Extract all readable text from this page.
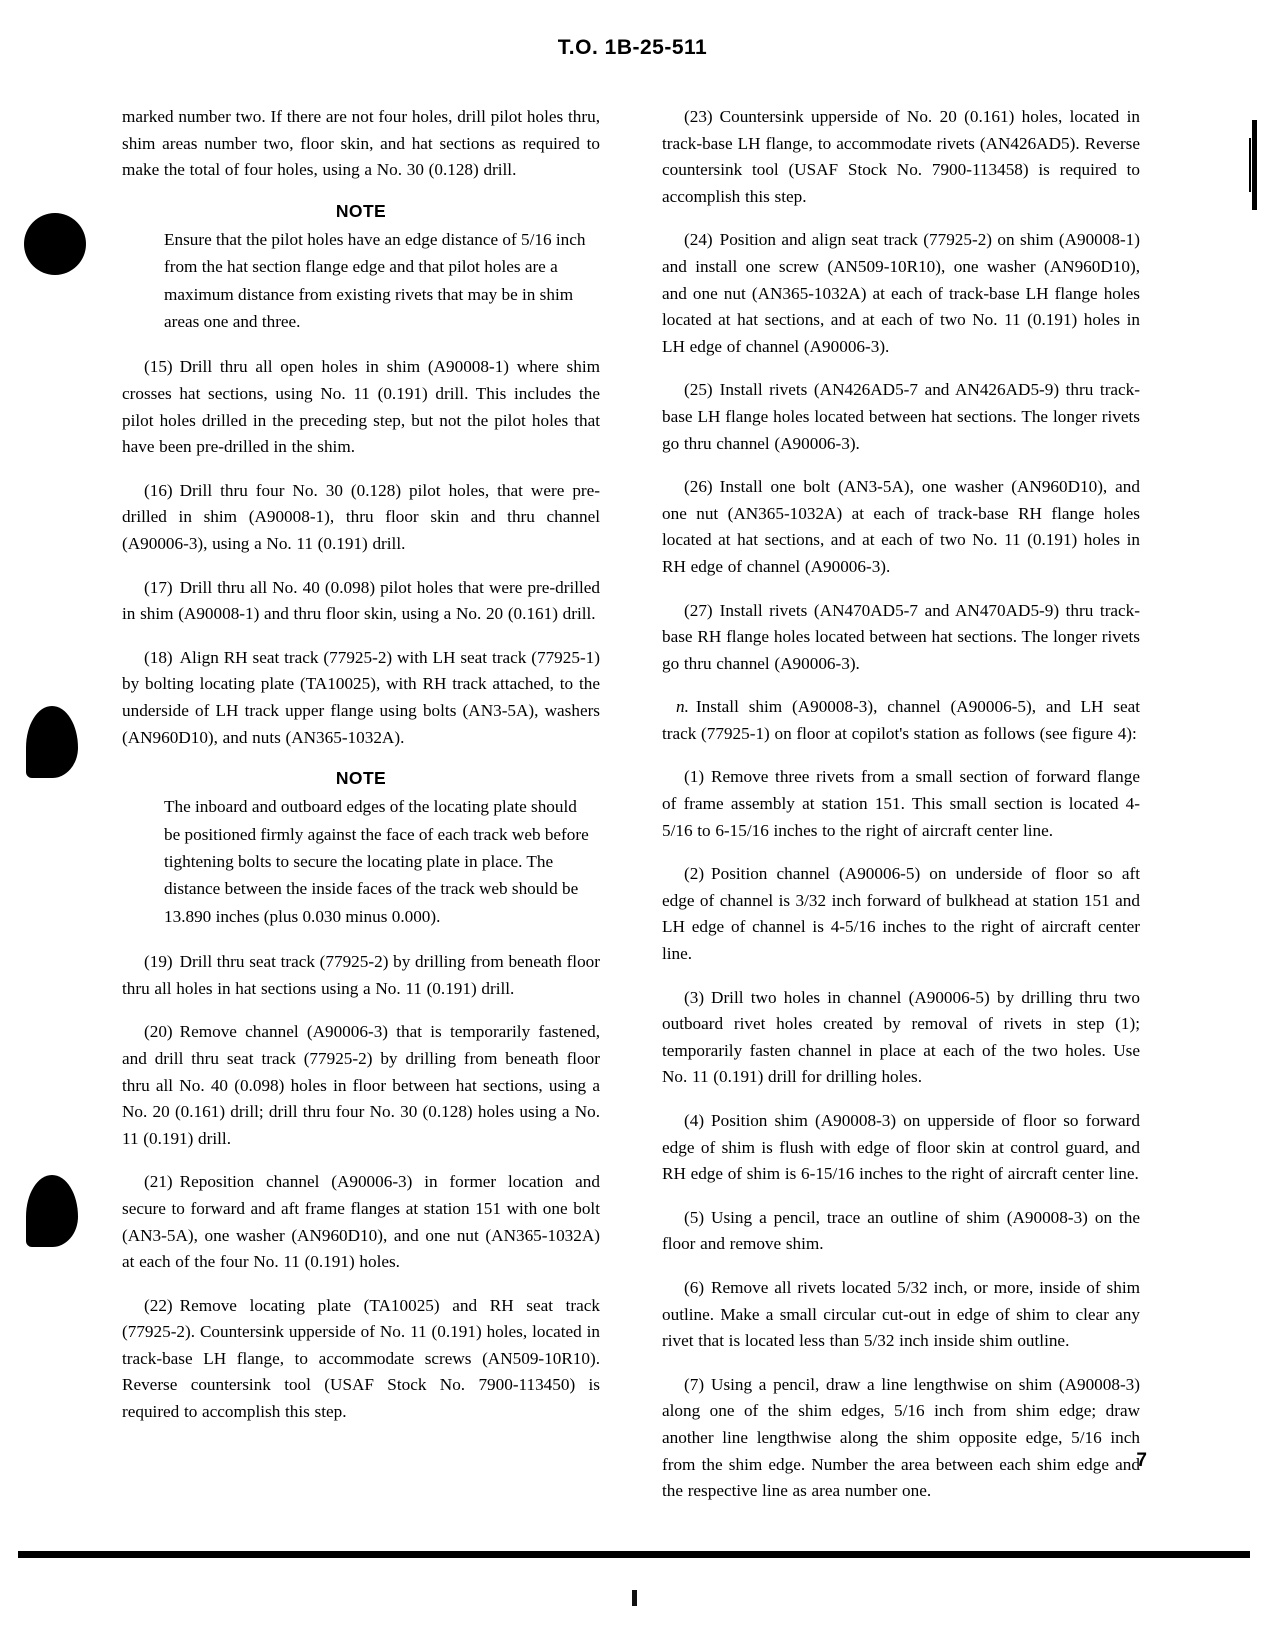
T.O. 1B-25-511

marked number two. If there are not four holes, drill pilot holes thru, shim areas number two, floor skin, and hat sections as required to make the total of four holes, using a No. 30 (0.128) drill.

NOTE
Ensure that the pilot holes have an edge distance of 5/16 inch from the hat section flange edge and that pilot holes are a maximum distance from existing rivets that may be in shim areas one and three.

(15) Drill thru all open holes in shim (A90008-1) where shim crosses hat sections, using No. 11 (0.191) drill. This includes the pilot holes drilled in the preceding step, but not the pilot holes that have been pre-drilled in the shim.

(16) Drill thru four No. 30 (0.128) pilot holes, that were pre-drilled in shim (A90008-1), thru floor skin and thru channel (A90006-3), using a No. 11 (0.191) drill.

(17) Drill thru all No. 40 (0.098) pilot holes that were pre-drilled in shim (A90008-1) and thru floor skin, using a No. 20 (0.161) drill.

(18) Align RH seat track (77925-2) with LH seat track (77925-1) by bolting locating plate (TA10025), with RH track attached, to the underside of LH track upper flange using bolts (AN3-5A), washers (AN960D10), and nuts (AN365-1032A).

NOTE
The inboard and outboard edges of the locating plate should be positioned firmly against the face of each track web before tightening bolts to secure the locating plate in place. The distance between the inside faces of the track web should be 13.890 inches (plus 0.030 minus 0.000).

(19) Drill thru seat track (77925-2) by drilling from beneath floor thru all holes in hat sections using a No. 11 (0.191) drill.

(20) Remove channel (A90006-3) that is temporarily fastened, and drill thru seat track (77925-2) by drilling from beneath floor thru all No. 40 (0.098) holes in floor between hat sections, using a No. 20 (0.161) drill; drill thru four No. 30 (0.128) holes using a No. 11 (0.191) drill.

(21) Reposition channel (A90006-3) in former location and secure to forward and aft frame flanges at station 151 with one bolt (AN3-5A), one washer (AN960D10), and one nut (AN365-1032A) at each of the four No. 11 (0.191) holes.

(22) Remove locating plate (TA10025) and RH seat track (77925-2). Countersink upperside of No. 11 (0.191) holes, located in track-base LH flange, to accommodate screws (AN509-10R10). Reverse countersink tool (USAF Stock No. 7900-113450) is required to accomplish this step.

(23) Countersink upperside of No. 20 (0.161) holes, located in track-base LH flange, to accommodate rivets (AN426AD5). Reverse countersink tool (USAF Stock No. 7900-113458) is required to accomplish this step.

(24) Position and align seat track (77925-2) on shim (A90008-1) and install one screw (AN509-10R10), one washer (AN960D10), and one nut (AN365-1032A) at each of track-base LH flange holes located at hat sections, and at each of two No. 11 (0.191) holes in LH edge of channel (A90006-3).

(25) Install rivets (AN426AD5-7 and AN426AD5-9) thru track-base LH flange holes located between hat sections. The longer rivets go thru channel (A90006-3).

(26) Install one bolt (AN3-5A), one washer (AN960D10), and one nut (AN365-1032A) at each of track-base RH flange holes located at hat sections, and at each of two No. 11 (0.191) holes in RH edge of channel (A90006-3).

(27) Install rivets (AN470AD5-7 and AN470AD5-9) thru track-base RH flange holes located between hat sections. The longer rivets go thru channel (A90006-3).

n. Install shim (A90008-3), channel (A90006-5), and LH seat track (77925-1) on floor at copilot's station as follows (see figure 4):

(1) Remove three rivets from a small section of forward flange of frame assembly at station 151. This small section is located 4-5/16 to 6-15/16 inches to the right of aircraft center line.

(2) Position channel (A90006-5) on underside of floor so aft edge of channel is 3/32 inch forward of bulkhead at station 151 and LH edge of channel is 4-5/16 inches to the right of aircraft center line.

(3) Drill two holes in channel (A90006-5) by drilling thru two outboard rivet holes created by removal of rivets in step (1); temporarily fasten channel in place at each of the two holes. Use No. 11 (0.191) drill for drilling holes.

(4) Position shim (A90008-3) on upperside of floor so forward edge of shim is flush with edge of floor skin at control guard, and RH edge of shim is 6-15/16 inches to the right of aircraft center line.

(5) Using a pencil, trace an outline of shim (A90008-3) on the floor and remove shim.

(6) Remove all rivets located 5/32 inch, or more, inside of shim outline. Make a small circular cut-out in edge of shim to clear any rivet that is located less than 5/32 inch inside shim outline.

(7) Using a pencil, draw a line lengthwise on shim (A90008-3) along one of the shim edges, 5/16 inch from shim edge; draw another line lengthwise along the shim opposite edge, 5/16 inch from the shim edge. Number the area between each shim edge and the respective line as area number one.

7
